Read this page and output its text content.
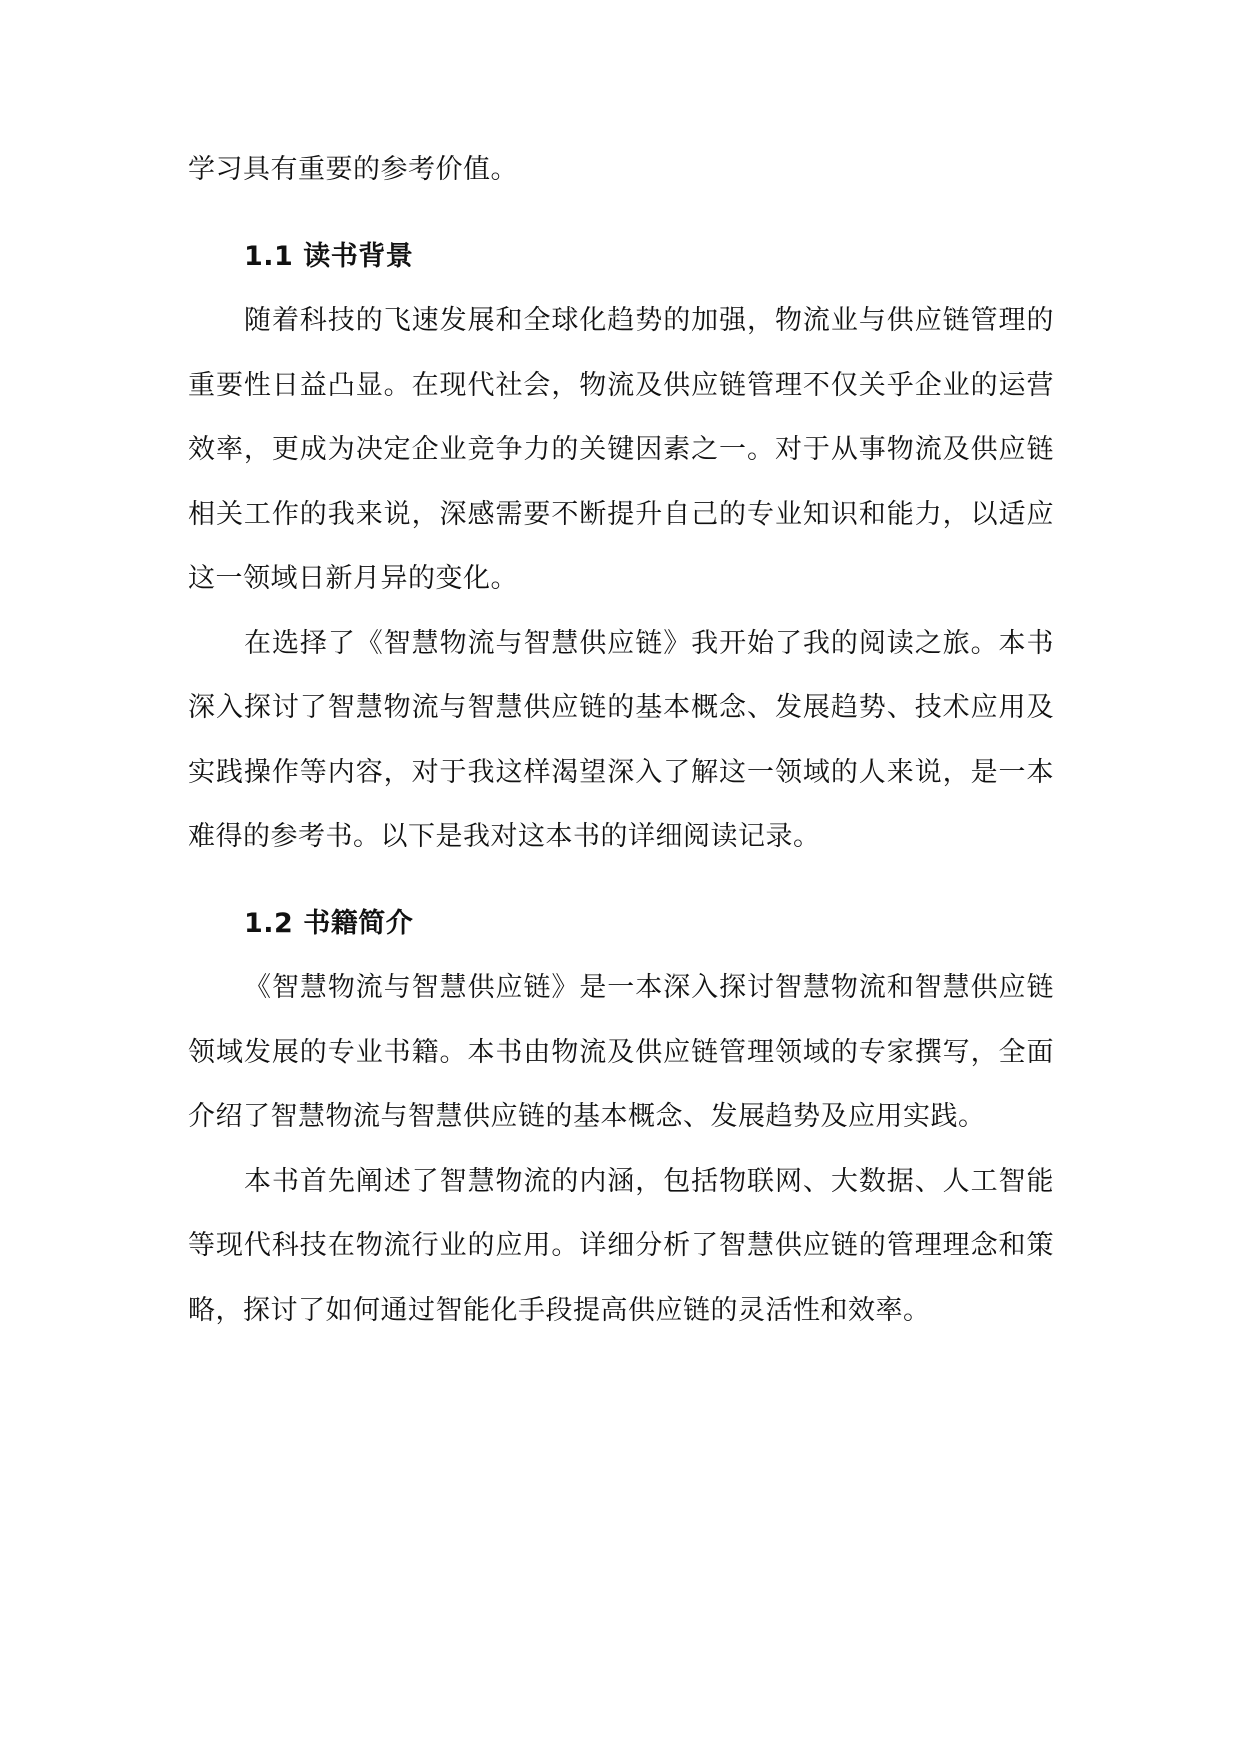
学习具有重要的参考价值。

1.1 读书背景

随着科技的飞速发展和全球化趋势的加强，物流业与供应链管理的重要性日益凸显。在现代社会，物流及供应链管理不仅关乎企业的运营效率，更成为决定企业竞争力的关键因素之一。对于从事物流及供应链相关工作的我来说，深感需要不断提升自己的专业知识和能力，以适应这一领域日新月异的变化。

在选择了《智慧物流与智慧供应链》我开始了我的阅读之旅。本书深入探讨了智慧物流与智慧供应链的基本概念、发展趋势、技术应用及实践操作等内容，对于我这样渴望深入了解这一领域的人来说，是一本难得的参考书。以下是我对这本书的详细阅读记录。

1.2 书籍简介

《智慧物流与智慧供应链》是一本深入探讨智慧物流和智慧供应链领域发展的专业书籍。本书由物流及供应链管理领域的专家撰写，全面介绍了智慧物流与智慧供应链的基本概念、发展趋势及应用实践。

本书首先阐述了智慧物流的内涵，包括物联网、大数据、人工智能等现代科技在物流行业的应用。详细分析了智慧供应链的管理理念和策略，探讨了如何通过智能化手段提高供应链的灵活性和效率。
